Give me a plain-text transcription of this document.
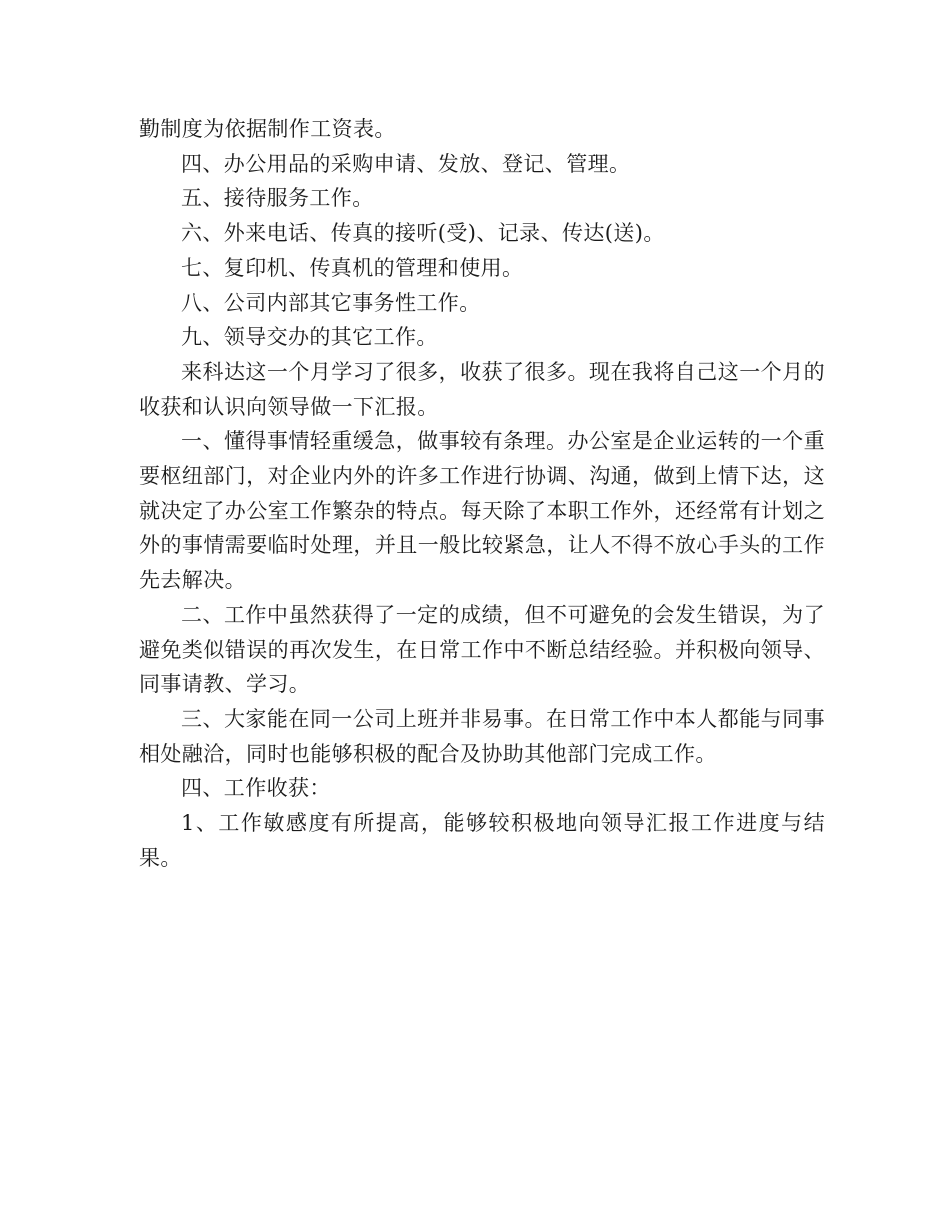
勤制度为依据制作工资表。

四、办公用品的采购申请、发放、登记、管理。

五、接待服务工作。

六、外来电话、传真的接听(受)、记录、传达(送)。

七、复印机、传真机的管理和使用。

八、公司内部其它事务性工作。

九、领导交办的其它工作。

来科达这一个月学习了很多，收获了很多。现在我将自己这一个月的收获和认识向领导做一下汇报。

一、懂得事情轻重缓急，做事较有条理。办公室是企业运转的一个重要枢纽部门，对企业内外的许多工作进行协调、沟通，做到上情下达，这就决定了办公室工作繁杂的特点。每天除了本职工作外，还经常有计划之外的事情需要临时处理，并且一般比较紧急，让人不得不放心手头的工作先去解决。

二、工作中虽然获得了一定的成绩，但不可避免的会发生错误，为了避免类似错误的再次发生，在日常工作中不断总结经验。并积极向领导、同事请教、学习。

三、大家能在同一公司上班并非易事。在日常工作中本人都能与同事相处融洽，同时也能够积极的配合及协助其他部门完成工作。

四、工作收获：

1、工作敏感度有所提高，能够较积极地向领导汇报工作进度与结果。
